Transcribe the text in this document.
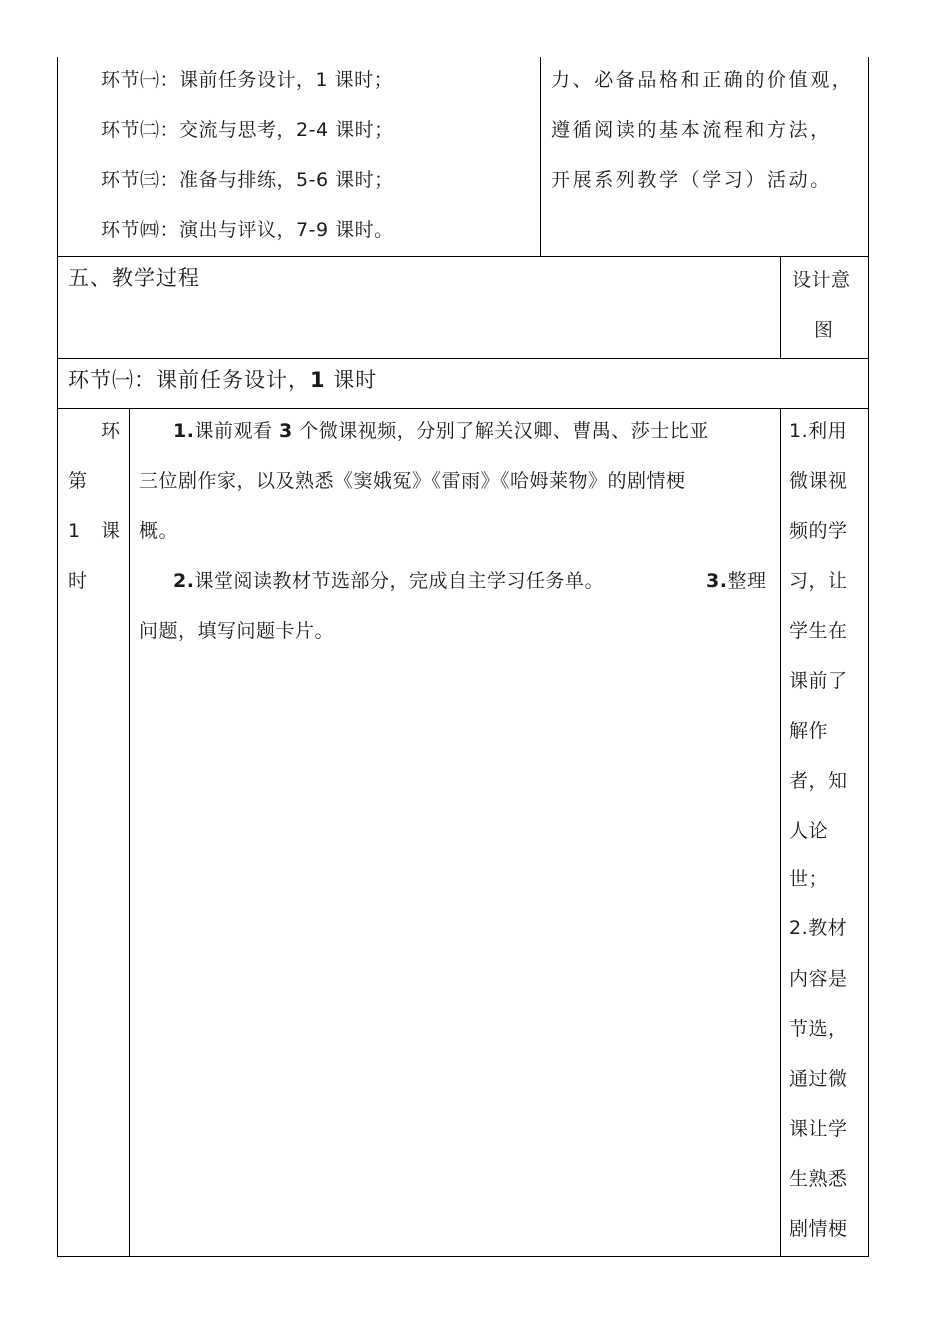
环节㈠：课前任务设计，1 课时；
环节㈡：交流与思考，2-4 课时；
环节㈢：准备与排练，5-6 课时；
环节㈣：演出与评议，7-9 课时。
力、必备品格和正确的价值观，
遵循阅读的基本流程和方法，
开展系列教学（学习）活动。
五、教学过程	设计意
图
环节㈠：课前任务设计，1 课时
环
第
1 课
时
1.课前观看 3 个微课视频，分别了解关汉卿、曹禺、莎士比亚
三位剧作家，以及熟悉《窦娥冤》《雷雨》《哈姆莱物》的剧情梗
概。
2.课堂阅读教材节选部分，完成自主学习任务单。	3.整理
问题，填写问题卡片。
1.利用
微课视
频的学
习，让
学生在
课前了
解作
者，知
人论
世；
2.教材
内容是
节选，
通过微
课让学
生熟悉
剧情梗
